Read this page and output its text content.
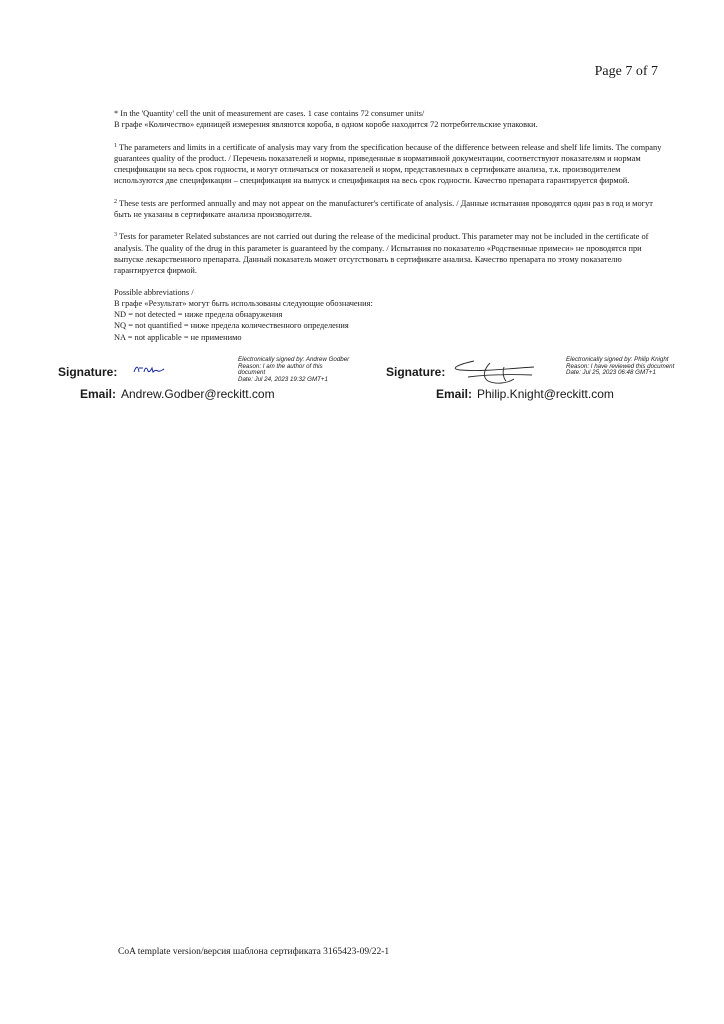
Page 7 of 7

* In the 'Quantity' cell the unit of measurement are cases. 1 case contains 72 consumer units/

В графе «Количество» единицей измерения являются короба, в одном коробе находится 72 потребительские упаковки.

$^1$ The parameters and limits in a certificate of analysis may vary from the specification because of the difference between release and shelf life limits. The company guarantees quality of the product. / Перечень показателей и нормы, приведенные в нормативной документации, соответствуют показателям и нормам спецификации на весь срок годности, и могут отличаться от показателей и норм, представленных в сертификате анализа, т.к. производителем используются две спецификации – спецификация на выпуск и спецификация на весь срок годности. Качество препарата гарантируется фирмой.

$^2$ These tests are performed annually and may not appear on the manufacturer's certificate of analysis. / Данные испытания проводятся один раз в год и могут быть не указаны в сертификате анализа производителя.

$^3$ Tests for parameter Related substances are not carried out during the release of the medicinal product. This parameter may not be included in the certificate of analysis. The quality of the drug in this parameter is guaranteed by the company. / Испытания по показателю «Родственные примеси» не проводятся при выпуске лекарственного препарата. Данный показатель может отсутствовать в сертификате анализа. Качество препарата по этому показателю гарантируется фирмой.

Possible abbreviations /

В графе «Результат» могут быть использованы следующие обозначения:

ND = not detected = ниже предела обнаружения

NQ = not quantified = ниже предела количественного определения

NA = not applicable = не применимо

Signature:
Electronically signed by: Andrew Godber
Reason: I am the author of this
document
Date: Jul 24, 2023 19:32 GMT+1
Email: Andrew.Godber@reckitt.com
Signature:
Electronically signed by: Philip Knight
Reason: I have reviewed this document
Date: Jul 25, 2023 06:48 GMT+1
Email: Philip.Knight@reckitt.com
CoA template version/версия шаблона сертификата 3165423-09/22-1
